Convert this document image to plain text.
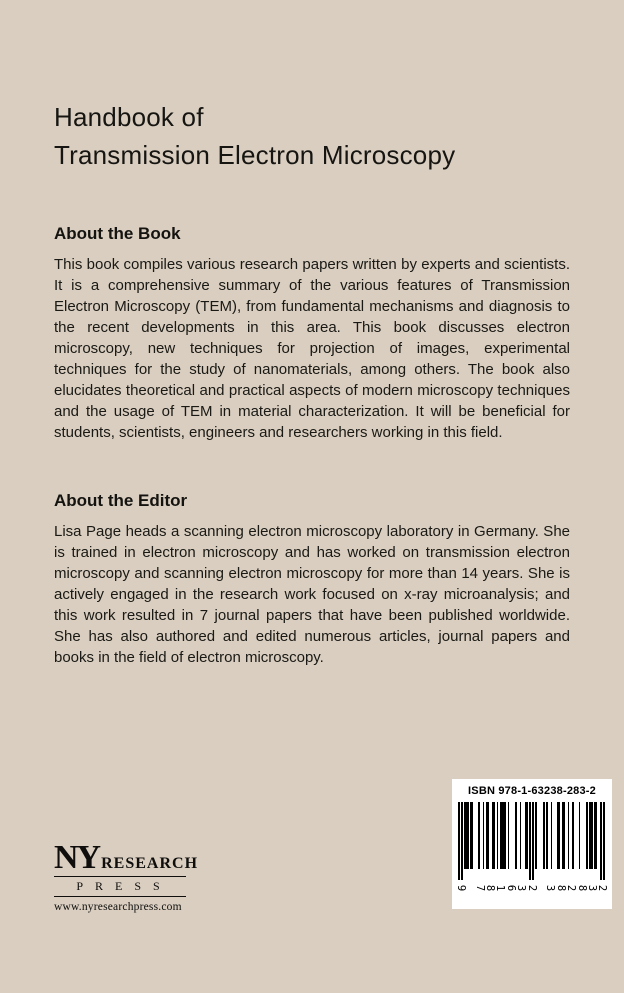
Handbook of
Transmission Electron Microscopy
About the Book

This book compiles various research papers written by experts and scientists. It is a comprehensive summary of the various features of Transmission Electron Microscopy (TEM), from fundamental mechanisms and diagnosis to the recent developments in this area. This book discusses electron microscopy, new techniques for projection of images, experimental techniques for the study of nanomaterials, among others. The book also elucidates theoretical and practical aspects of modern microscopy techniques and the usage of TEM in material characterization. It will be beneficial for students, scientists, engineers and researchers working in this field.

About the Editor

Lisa Page heads a scanning electron microscopy laboratory in Germany. She is trained in electron microscopy and has worked on transmission electron microscopy and scanning electron microscopy for more than 14 years. She is actively engaged in the research work focused on x-ray microanalysis; and this work resulted in 7 journal papers that have been published worldwide. She has also authored and edited numerous articles, journal papers and books in the field of electron microscopy.

NY RESEARCH
PRESS
www.nyresearchpress.com
ISBN 978-1-63238-283-2
9 7
8
1
6
3
2 3
8
2
8
3
2
